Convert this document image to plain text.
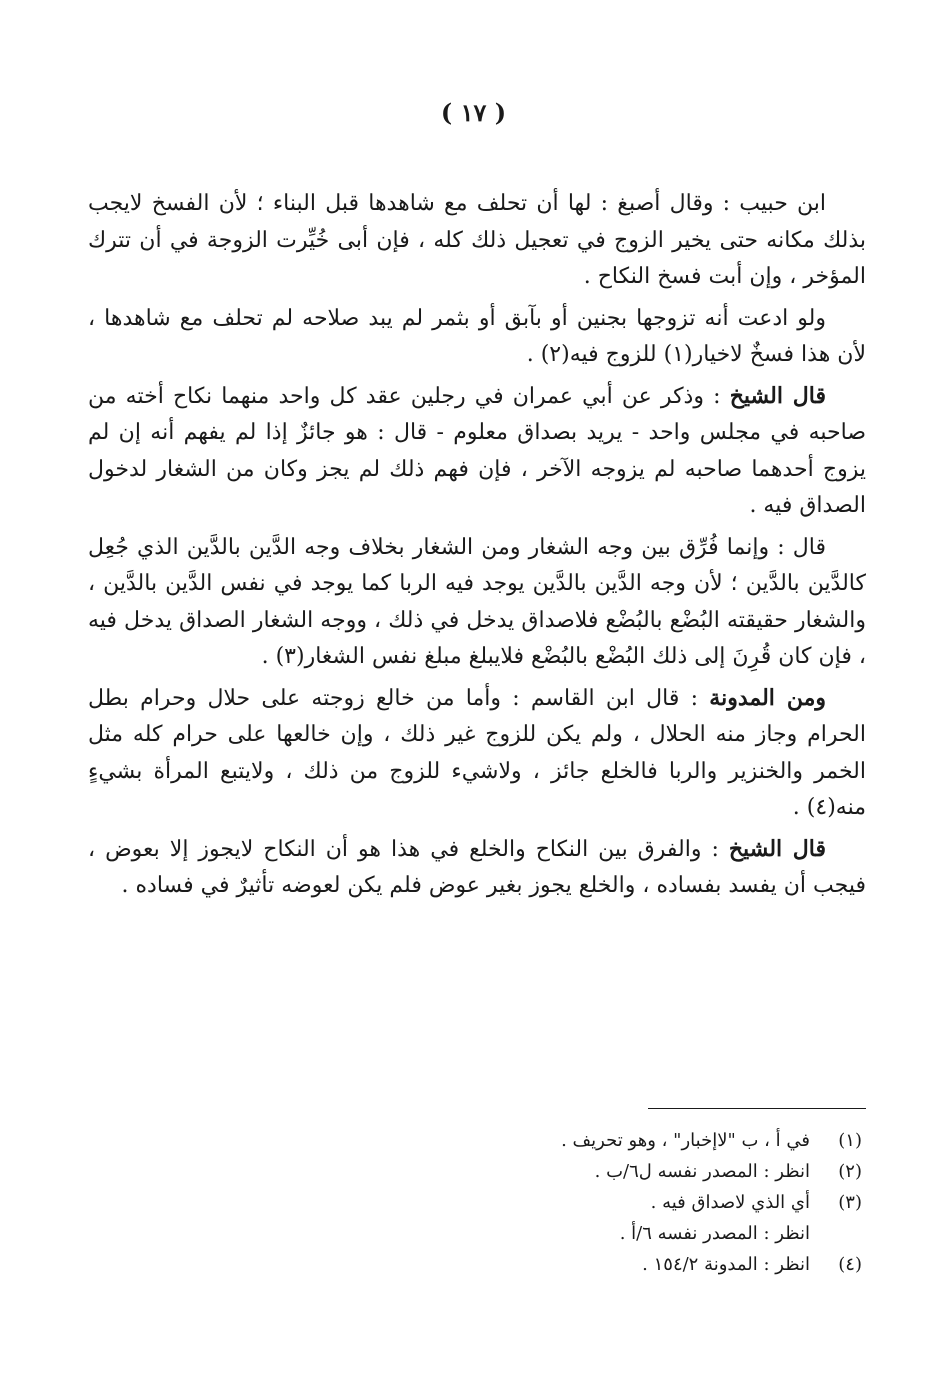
( ١٧ )

ابن حبيب : وقال أصبغ : لها أن تحلف مع شاهدها قبل البناء ؛ لأن الفسخ لايجب بذلك مكانه حتى يخير الزوج في تعجيل ذلك كله ، فإن أبى خُيِّرت الزوجة في أن تترك المؤخر ، وإن أبت فسخ النكاح .

ولو ادعت أنه تزوجها بجنين أو بآبق أو بثمر لم يبد صلاحه لم تحلف مع شاهدها ، لأن هذا فسخٌ لاخيار(١) للزوج فيه(٢) .

قال الشيخ : وذكر عن أبي عمران في رجلين عقد كل واحد منهما نكاح أخته من صاحبه في مجلس واحد - يريد بصداق معلوم - قال : هو جائزٌ إذا لم يفهم أنه إن لم يزوج أحدهما صاحبه لم يزوجه الآخر ، فإن فهم ذلك لم يجز وكان من الشغار لدخول الصداق فيه .

قال : وإنما فُرِّق بين وجه الشغار ومن الشغار بخلاف وجه الدَّين بالدَّين الذي جُعِل كالدَّين بالدَّين ؛ لأن وجه الدَّين بالدَّين يوجد فيه الربا كما يوجد في نفس الدَّين بالدَّين ، والشغار حقيقته البُضْع بالبُضْع فلاصداق يدخل في ذلك ، ووجه الشغار الصداق يدخل فيه ، فإن كان قُرِنَ إلى ذلك البُضْع بالبُضْع فلايبلغ مبلغ نفس الشغار(٣) .

ومن المدونة : قال ابن القاسم : وأما من خالع زوجته على حلال وحرام بطل الحرام وجاز منه الحلال ، ولم يكن للزوج غير ذلك ، وإن خالعها على حرام كله مثل الخمر والخنزير والربا فالخلع جائز ، ولاشيء للزوج من ذلك ، ولايتبع المرأة بشيءٍ منه(٤) .

قال الشيخ : والفرق بين النكاح والخلع في هذا هو أن النكاح لايجوز إلا بعوض ، فيجب أن يفسد بفساده ، والخلع يجوز بغير عوض فلم يكن لعوضه تأثيرٌ في فساده .

(١)
في أ ، ب "لاإخبار" ، وهو تحريف .
(٢)
انظر : المصدر نفسه ل٦/ب .
(٣)
أي الذي لاصداق فيه .
انظر : المصدر نفسه ٦/أ .
(٤)
انظر : المدونة ١٥٤/٢ .
